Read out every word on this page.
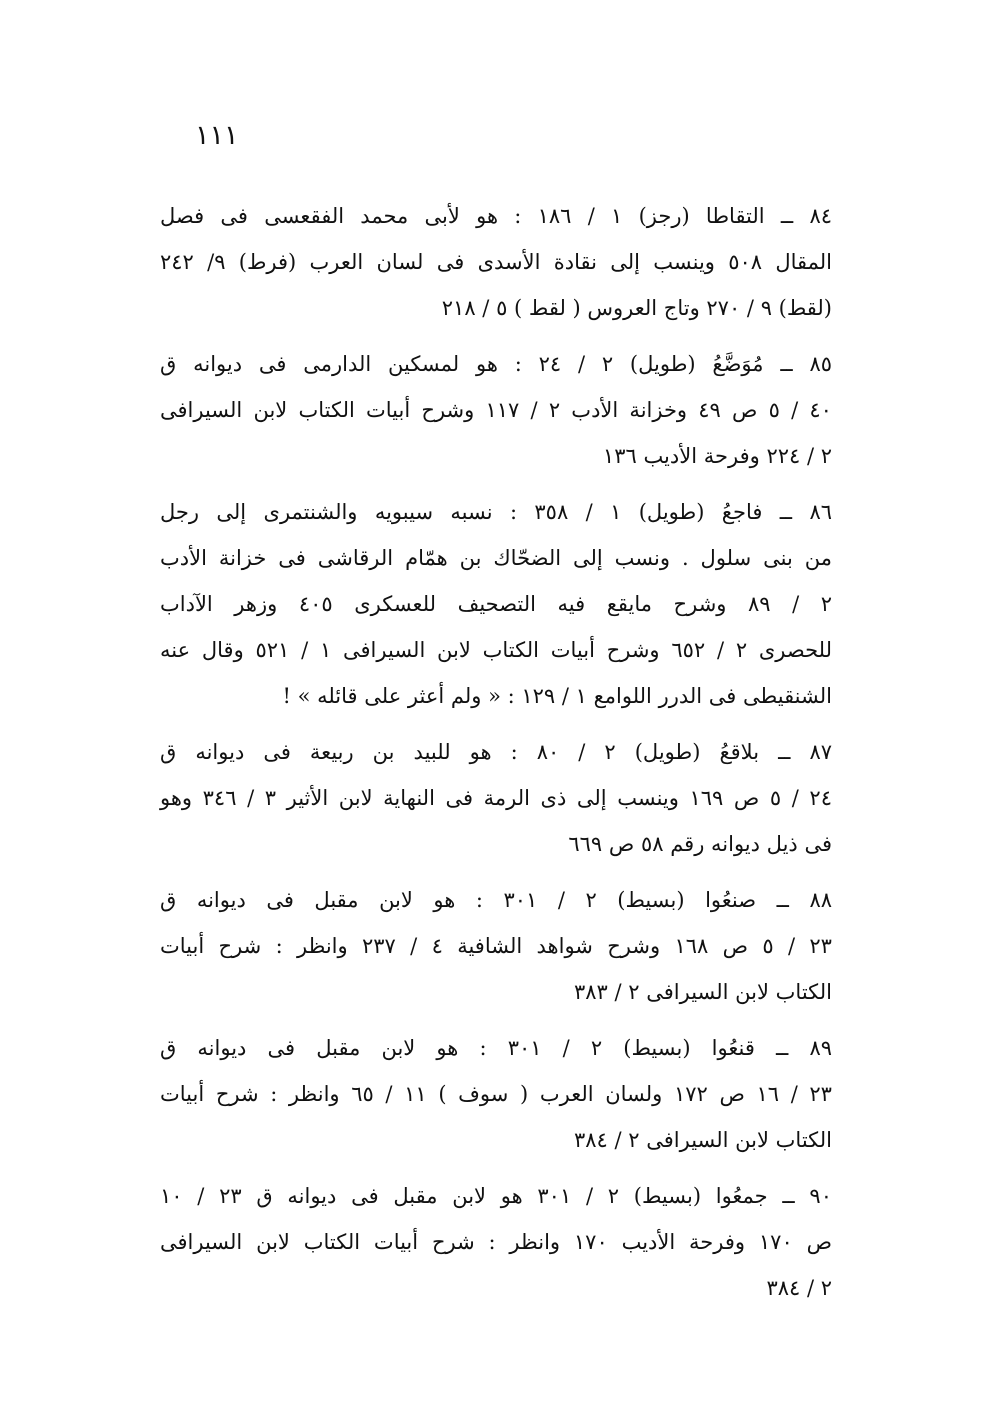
١١١
٨٤ ــ التقاطا (رجز) ١ / ١٨٦ : هو لأبى محمد الفقعسى فى فصل
المقال ٥٠٨ وينسب إلى نقادة الأسدى فى لسان العرب (فرط) ٩/ ٢٤٢
(لقط) ٩ / ٢٧٠ وتاج العروس ( لقط ) ٥ / ٢١٨
٨٥ ــ مُوَضَّعُ (طويل) ٢ / ٢٤ : هو لمسكين الدارمى فى ديوانه ق
٤٠ / ٥ ص ٤٩ وخزانة الأدب ٢ / ١١٧ وشرح أبيات الكتاب لابن السيرافى
٢ / ٢٢٤ وفرحة الأديب ١٣٦
٨٦ ــ فاجعُ (طويل) ١ / ٣٥٨ : نسبه سيبويه والشنتمرى إلى رجل
من بنى سلول . ونسب إلى الضحّاك بن همّام الرقاشى فى خزانة الأدب
٢ / ٨٩ وشرح مايقع فيه التصحيف للعسكرى ٤٠٥ وزهر الآداب
للحصرى ٢ / ٦٥٢ وشرح أبيات الكتاب لابن السيرافى ١ / ٥٢١ وقال عنه
الشنقيطى فى الدرر اللوامع ١ / ١٢٩ : « ولم أعثر على قائله » !
٨٧ ــ بلاقعُ (طويل) ٢ / ٨٠ : هو للبيد بن ربيعة فى ديوانه ق
٢٤ / ٥ ص ١٦٩ وينسب إلى ذى الرمة فى النهاية لابن الأثير ٣ / ٣٤٦ وهو
فى ذيل ديوانه رقم ٥٨ ص ٦٦٩
٨٨ ــ صنعُوا (بسيط) ٢ / ٣٠١ : هو لابن مقبل فى ديوانه ق
٢٣ / ٥ ص ١٦٨ وشرح شواهد الشافية ٤ / ٢٣٧ وانظر : شرح أبيات
الكتاب لابن السيرافى ٢ / ٣٨٣
٨٩ ــ قنعُوا (بسيط) ٢ / ٣٠١ : هو لابن مقبل فى ديوانه ق
٢٣ / ١٦ ص ١٧٢ ولسان العرب ( سوف ) ١١ / ٦٥ وانظر : شرح أبيات
الكتاب لابن السيرافى ٢ / ٣٨٤
٩٠ ــ جمعُوا (بسيط) ٢ / ٣٠١ هو لابن مقبل فى ديوانه ق ٢٣ / ١٠
ص ١٧٠ وفرحة الأديب ١٧٠ وانظر : شرح أبيات الكتاب لابن السيرافى
٢ / ٣٨٤
